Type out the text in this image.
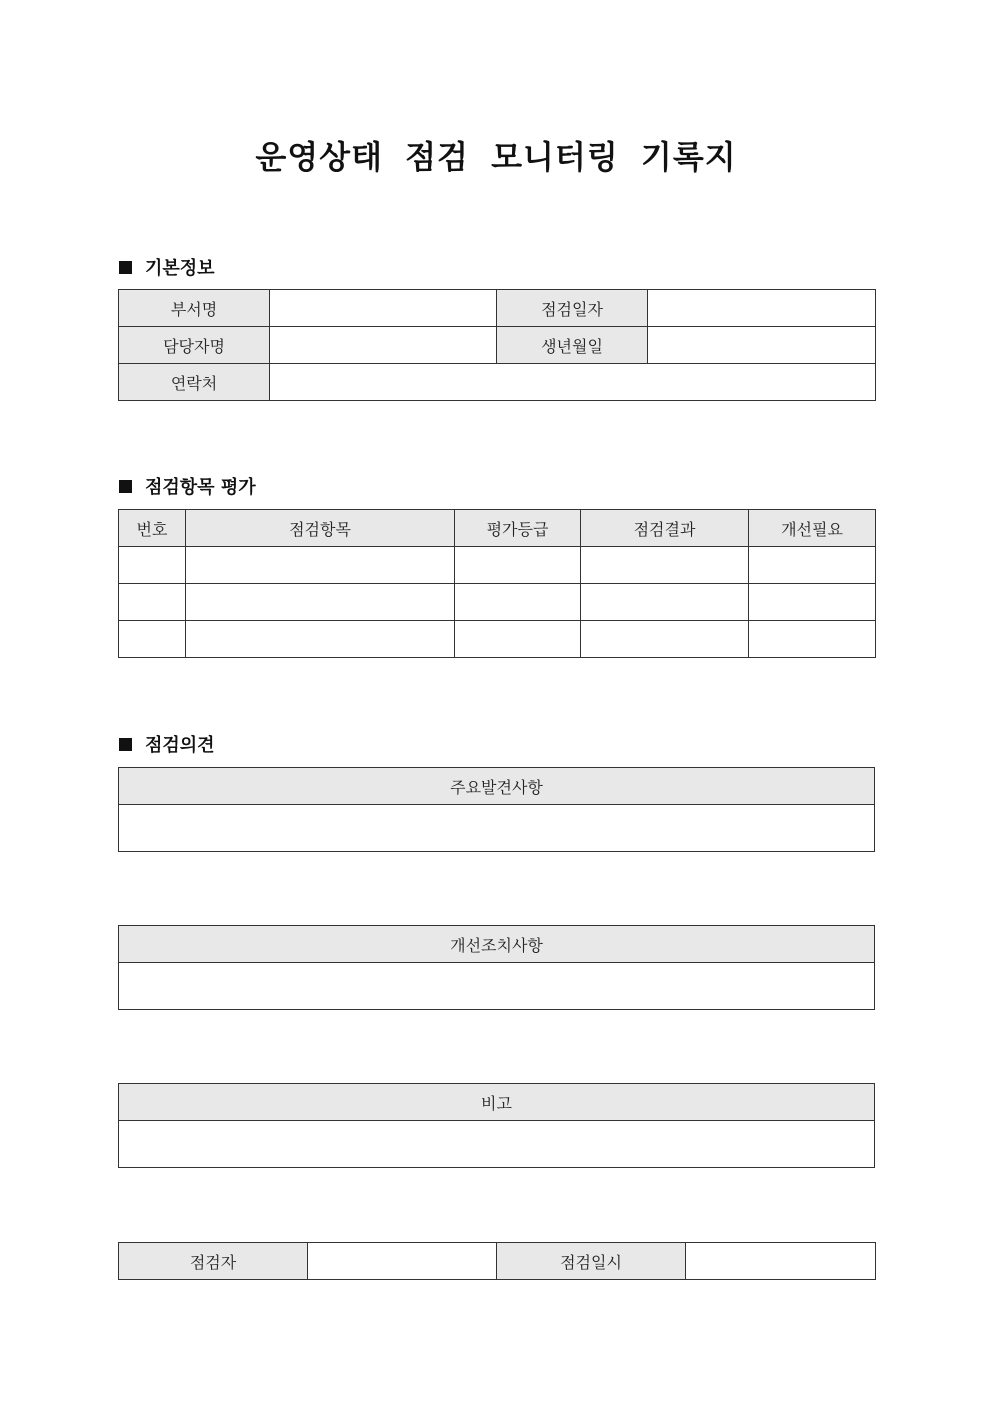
운영상태 점검 모니터링 기록지
기본정보
부서명		점검일자	
담당자명		생년월일	
연락처			
점검항목 평가
번호	점검항목	평가등급	점검결과	개선필요

점검의견
주요발견사항

개선조치사항

비고

점검자		점검일시	
